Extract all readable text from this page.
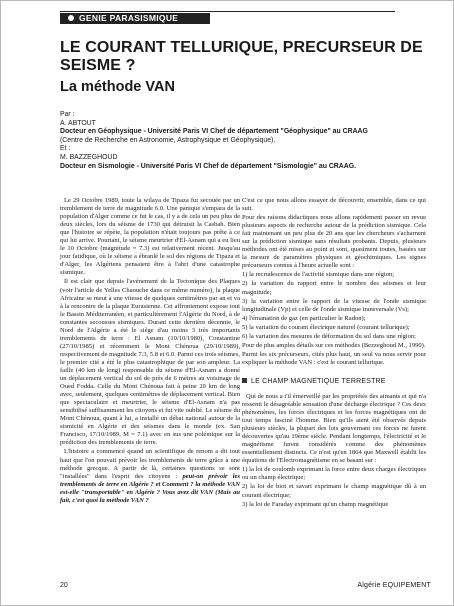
GENIE PARASISMIQUE
LE COURANT TELLURIQUE, PRECURSEUR DE SEISME ?
La méthode VAN
Par :
A. ABTOUT
Docteur en Géophysique - Université Paris VI Chef de département "Géophysique" au CRAAG
(Centre de Recherche en Astronomie, Astrophysique et Géophysique).
Et :
M. BAZZEGHOUD
Docteur en Sismologie - Université Paris VI Chef de département "Sismologie" au CRAAG.

Le 29 Octobre 1989, toute la wilaya de Tipaza fut secouée par un tremblement de terre de magnitude 6.0. Une panique s'empara de la population d'Alger comme ce fut le cas, il y a de cela un peu plus de deux siècles, lors du séisme de 1730 qui détruisit la Casbah. Bien que l'histoire se répète, la population n'était toujours pas prête à ce qui lui arrive. Pourtant, le séisme meurtrier d'El-Asnam qui a eu lieu le 10 Octobre (magnitude = 7.3) est relativement récent. Jusqu'au jour fatidique, où le séisme a ébranlé le sol des régions de Tipaza et d'Alger, les Algériens pensaient être à l'abri d'une catastrophe sismique.

Il est clair que depuis l'avènement de la Tectonique des Plaques (voir l'article de Yelles Chaouche dans ce même numéro), la plaque Africaine se meut à une vitesse de quelques centimètres par an et va à la rencontre de la plaque Eurasienne. Cet affrontement expose tout le Bassin Méditerranéen, et particulièrement l'Algérie du Nord, à de constantes secousses sismiques. Durant cette dernière décennie, le Nord de l'Algérie a été le siège d'au moins 3 très importants tremblements de terre : El Asnam (10/10/1980), Constantine (27/10/1985) et récemment le Mont Chénoua (29/10/1989), respectivement de magnitude 7.3, 5.8 et 6.0. Parmi ces trois séismes, le premier cité a été le plus catastrophique de par son ampleur. La faille (40 km de long) responsable du séisme d'El-Asnam a donné un déplacement vertical du sol de près de 6 mètres au voisinage de Oued Fodda. Celle du Mont Chénoua fait à peine 20 km de long avec, seulement, quelques centimètres de déplacement vertical. Bien que spectaculaire et meurtrier, le séisme d'El-Asnam n'a pas sensibilisé suffisamment les citoyens et fut vite oublié. Le séisme du Mont Chénoua, quant à lui, a installé un débat national autour de la sismicité en Algérie et des séismes dans le monde (ex. San Francisco, 17/10/1989, M = 7.1) avec en sus une polémique sur la prédiction des tremblements de terre.

L'histoire a commencé quand un scientifique de renom a dit tout haut que l'on pouvait prévoir les tremblements de terre grâce à une méthode grecque. A partir de là, certaines questions se sont "installées" dans l'esprit des citoyens : peut-on prévoir les tremblements de terre en Algérie ? et Comment ? la méthode VAN est-elle "transportable" en Algérie ? Vous avez dit VAN (Mais au fait, c'est quoi la méthode VAN ?

C'est ce que nous allons essayer de découvrir, ensemble, dans ce qui suit.

Pour des raisons didactiques nous allons rapidement passer en revue plusieurs aspects de recherche autour de la prédiction sismique. Cela fait maintenant un peu plus de 20 ans que les chercheurs s'acharnent sur la prédiction sismique sans résultats probants. Depuis, plusieurs méthodes ont été mises au point et sont, quasiment toutes, basées sur la mesure de paramètres physiques et géochimiques. Les signes précurseurs connus à l'heure actuelle sont :

1) la recrudescence de l'activité sismique dans une région;

2) la variation du rapport entre le nombre des séismes et leur magnitude;

3) la variation entre le rapport de la vitesse de l'onde sismique longitudinale (Vp) et celle de l'onde sismique transversale (Vs);

4) l'émanation de gaz (en particulier le Radon);

5) la variation du courant électrique naturel (courant tellurique);

6) la variation des mesures de déformation du sol dans une région;

Pour de plus amples détails sur ces méthodes (Bezzeghoud M., 1990).

Parmi les six précurseurs, cités plus haut, un seul va nous servir pour expliquer la méthode VAN : c'est le courant tellurique.

LE CHAMP MAGNETIQUE TERRESTRE

Qui de nous a t'il émerveillé par les propriétés des aimants et qui n'a ressenti le désagréable sensation d'une décharge électrique ? Ces deux phénomènes, les forces électriques et les forces magnétiques ont de tout temps fasciné l'homme. Bien qu'ils aient été observés depuis plusieurs siècles, la plupart des lois gouvernant ces forces ne furent découvertes qu'au 19ème siècle. Pendant longtemps, l'électricité et le magnétisme furent considérés comme des phénomènes essentiellement distincts. Ce n'est qu'en 1864 que Maxwell établit les équations de l'Electromagnétisme en se basant sur :

1) la loi de coulomb exprimant la force entre deux charges électriques ou un champ électrique;

2) la loi de biot et savart exprimant le champ magnétique dû à un courant électrique;

3) la loi de Faraday exprimant qu'un champ magnétique

20	Algérie EQUIPEMENT
